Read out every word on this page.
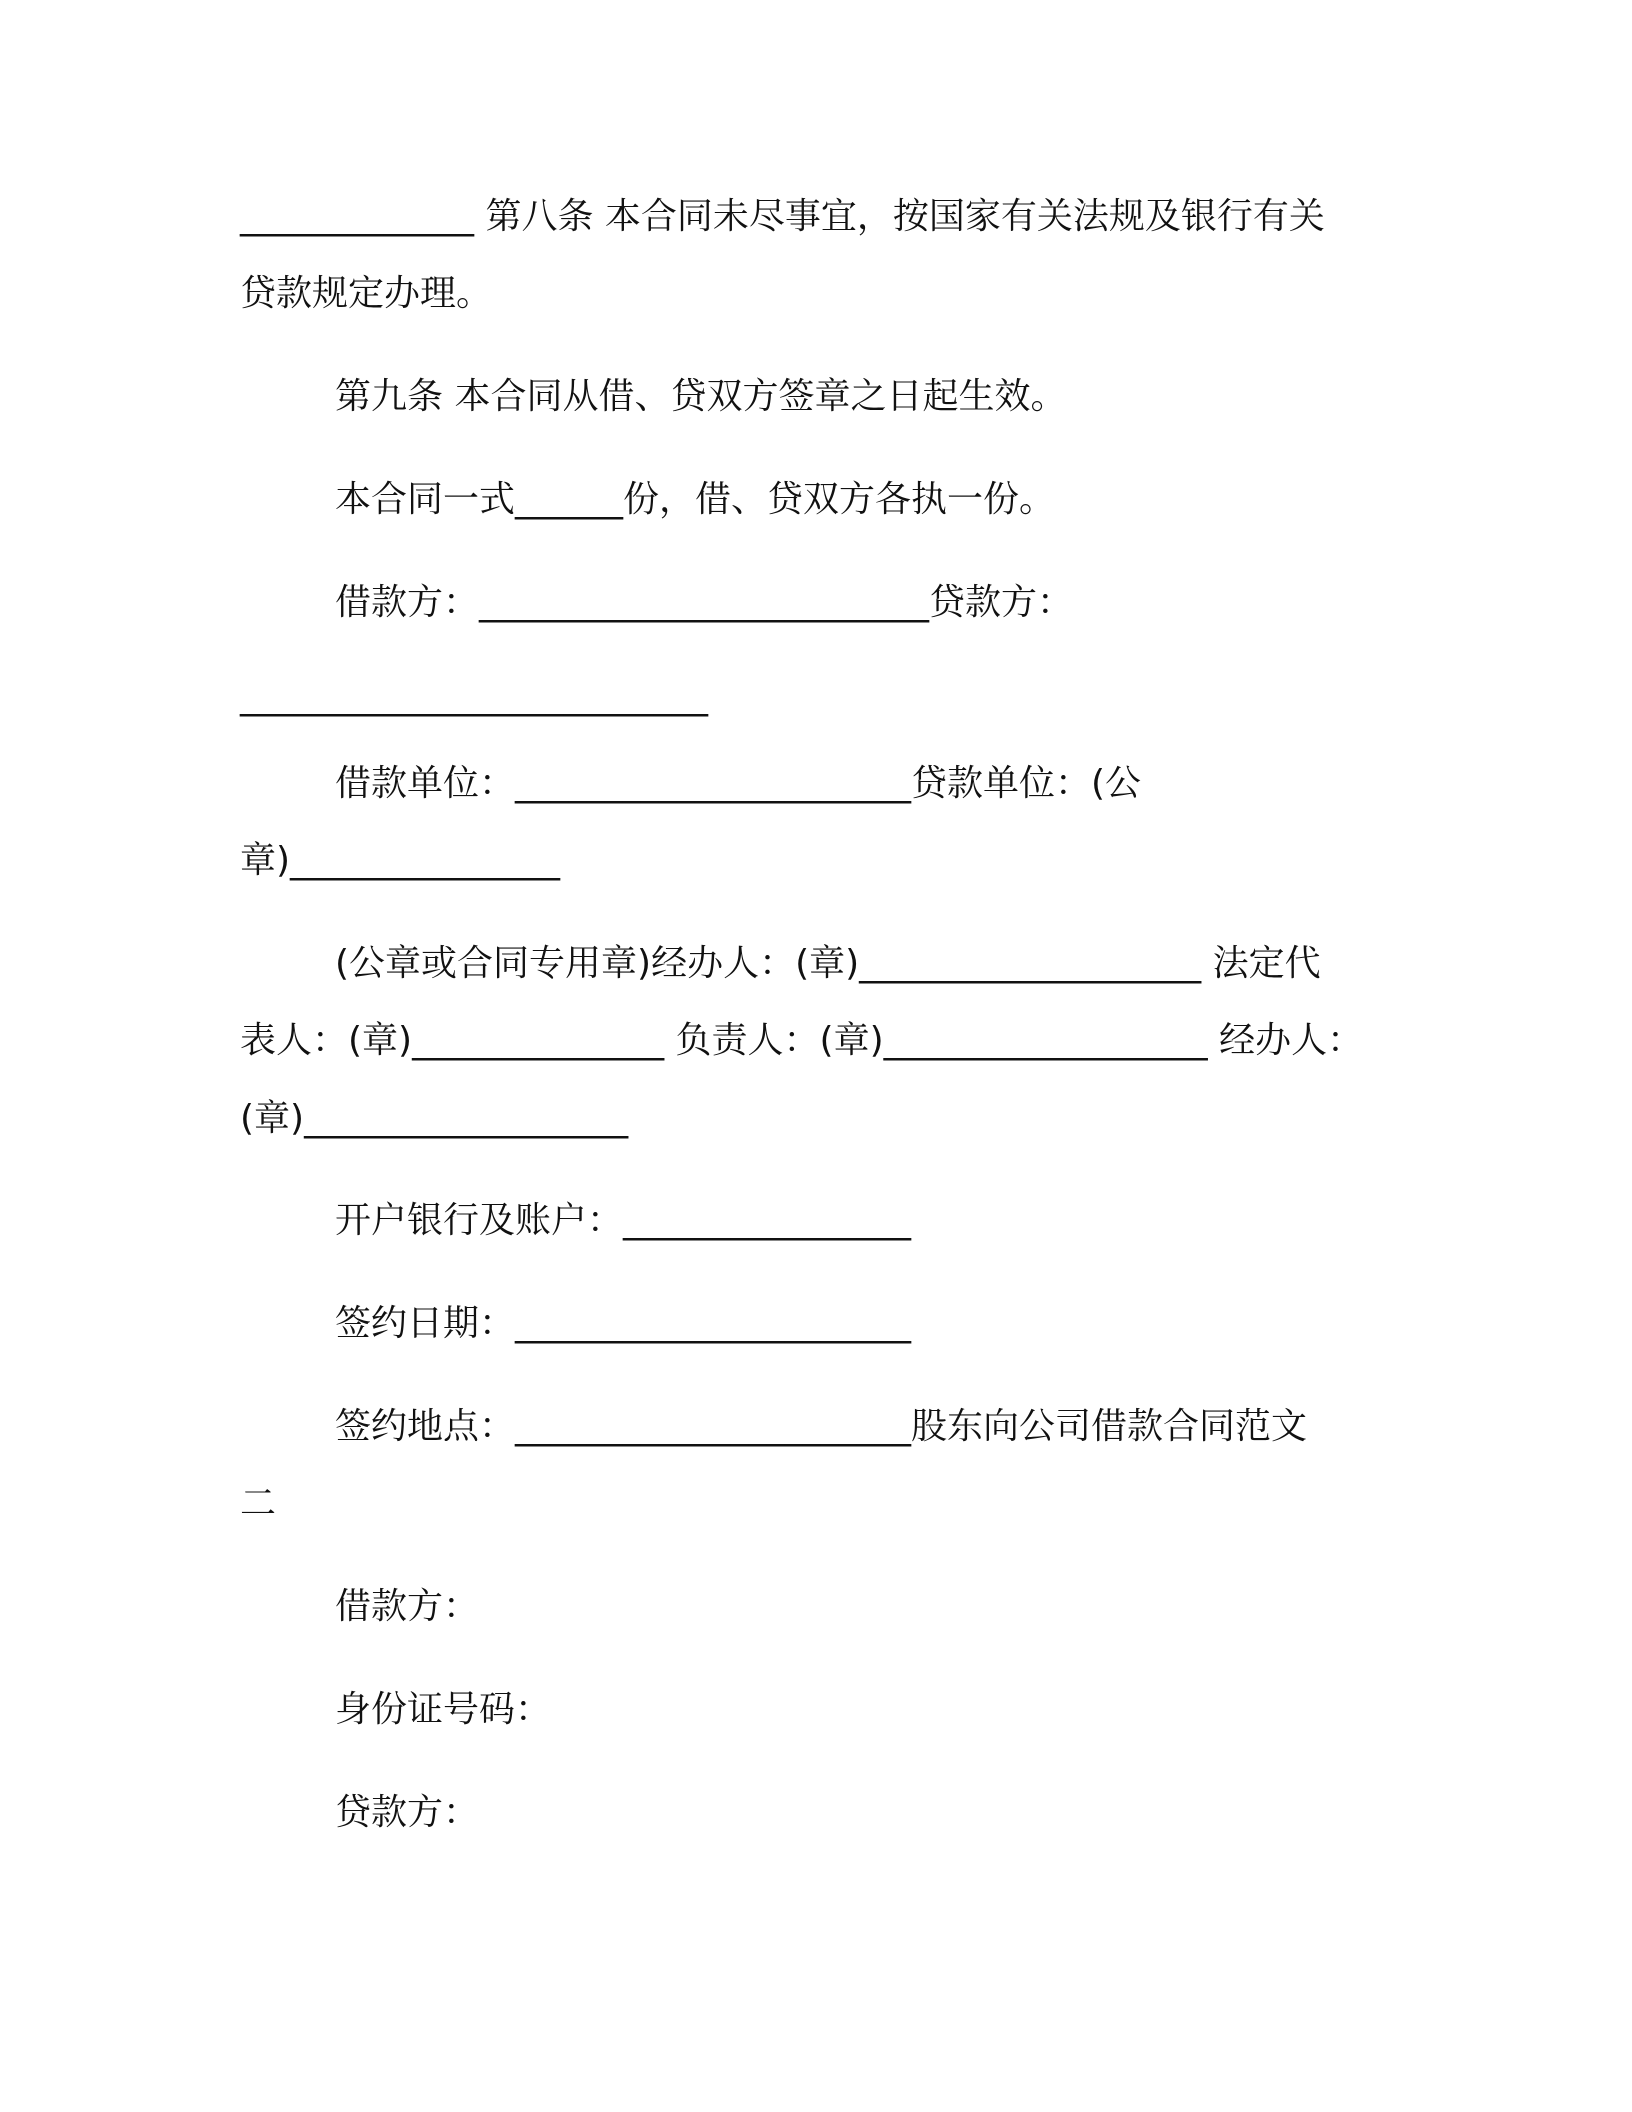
_____________ 第八条 本合同未尽事宜，按国家有关法规及银行有关
贷款规定办理。
第九条 本合同从借、贷双方签章之日起生效。
本合同一式______份，借、贷双方各执一份。
借款方：_________________________贷款方：
__________________________
借款单位：______________________贷款单位：(公
章)_______________
(公章或合同专用章)经办人：(章)___________________ 法定代
表人：(章)______________ 负责人：(章)__________________ 经办人：
(章)__________________
开户银行及账户：________________
签约日期：______________________
签约地点：______________________股东向公司借款合同范文
二
借款方：
身份证号码：
贷款方：
